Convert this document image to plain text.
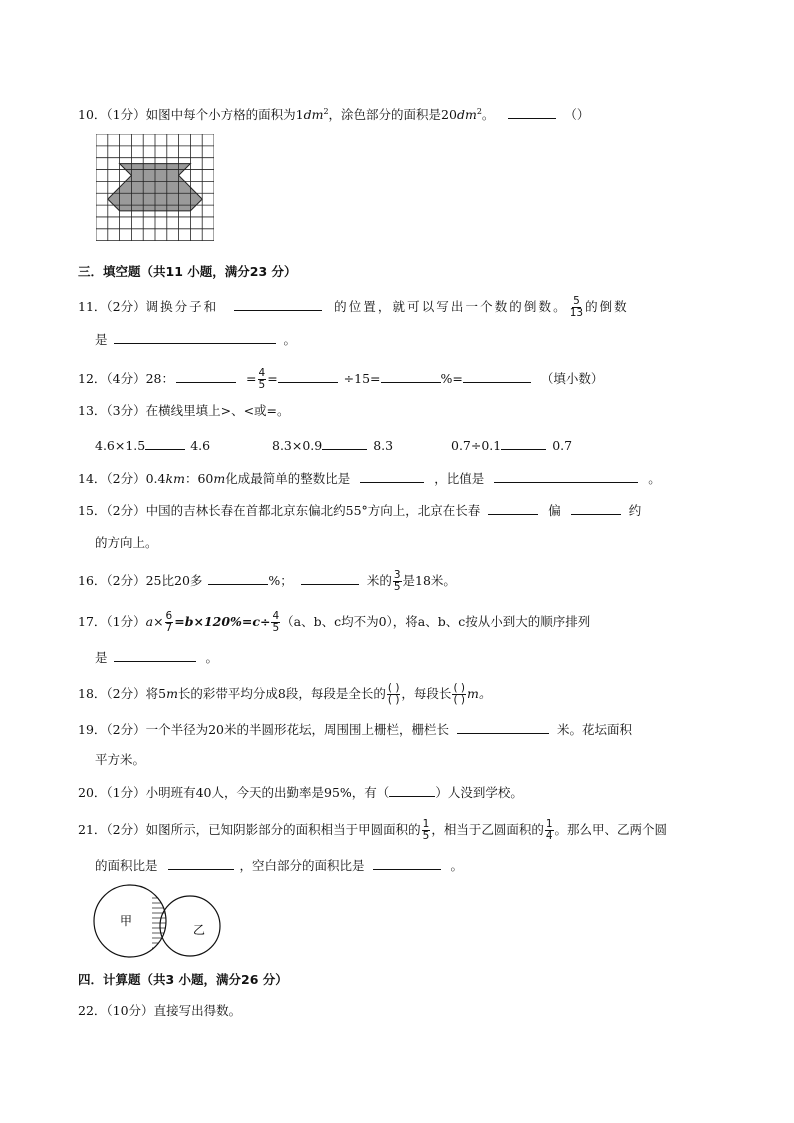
10．（1分）如图中每个小方格的面积为$1dm^2$，涂色部分的面积是$20dm^2$。	（）
三．填空题（共11 小题，满分23 分）
11．（2分）调换分子和	的位置，就可以写出一个数的倒数。 $\frac{5}{13}$ 的倒数
是	。
12．（4分）28：	= $\frac{4}{5}$ =	÷15=	%=	（填小数）
13．（3分）在横线里填上>、<或=。
4.6×1.5	4.6	8.3×0.9	8.3	0.7÷0.1	0.7
14．（2分）0.4km：60m化成最简单的整数比是	，比值是	。
15．（2分）中国的吉林长春在首都北京东偏北约55°方向上，北京在长春	偏	约
的方向上。
16．（2分）25比20多	%；	米的 $\frac{3}{5}$ 是18米。
17．（1分）$a\times \frac{6}{7} =b\times 120\%=c\div \frac{4}{5} (a$、b、c均不为0），将a、b、c按从小到大的顺序排列
是	。
18．（2分）将5m长的彩带平均分成8段，每段是全长的 $\frac{( )}{( )}$ ，每段长 $\frac{( )}{( )}$ m。
19．（2分）一个半径为20米的半圆形花坛，周围围上栅栏，栅栏长	米。花坛面积
平方米。
20．（1分）小明班有40人，今天的出勤率是95%，有（	）人没到学校。
21．（2分）如图所示，已知阴影部分的面积相当于甲圆面积的 $\frac{1}{5}$ ，相当于乙圆面积的 $\frac{1}{4}$ 。那么甲、乙两个圆
的面积比是	，空白部分的面积比是	。
甲
乙
四．计算题（共3 小题，满分26 分）
22．（10分）直接写出得数。
